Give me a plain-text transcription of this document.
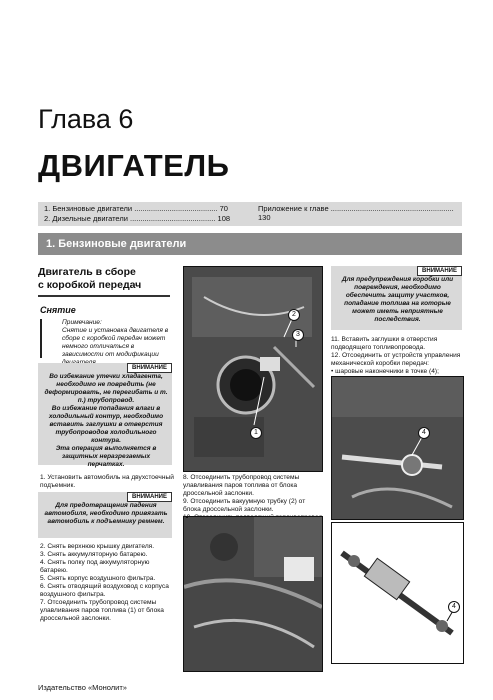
Глава 6
ДВИГАТЕЛЬ
1. Бензиновые двигатели ........................................ 70
2. Дизельные двигатели ......................................... 108
Приложение к главе ........................................................... 130
1. Бензиновые двигатели
Двигатель в сборе
с коробкой передач
Снятие
Примечание:
Снятие и установка двигателя в сборе с коробкой передач может немного отличаться в зависимости от модификации
ВНИМАНИЕ
Во избежание утечки хладагента, необходимо не повредить (не деформировать, не перегибать и т. п.) трубопровод.
Во избежание попадания влаги в холодильный контур, необходимо вставить заглушки в отверстия трубопроводов холодильного контура.
Эта операция выполняется в защитных неразрезаемых перчатках.
1. Установить автомобиль на двухстоечный подъемник.
ВНИМАНИЕ
Для предотвращения падения автомобиля, необходимо привязать автомобиль к подъемнику ремнем.
2. Снять верхнюю крышку двигателя.
3. Снять аккумуляторную батарею.
4. Снять полку под аккумуляторную батарею.
5. Снять корпус воздушного фильтра.
6. Снять отводящий воздуховод с корпуса воздушного фильтра.
7. Отсоединить трубопровод системы улавливания паров топлива (1) от блока дроссельной заслонки.
1
2
3
8. Отсоединить трубопровод системы улавливания паров топлива от блока дроссельной заслонки.
9. Отсоединить вакуумную трубку (2) от блока дроссельной заслонки.
ВНИМАНИЕ
Для предупреждения коробки или повреждения, необходимо обеспечить защиту участков, попадание топлива на которые может иметь неприятные последствия.
11. Вставить заглушки в отверстия подводящего топливопровода.
12. Отсоединить от устройств управления механической коробки передач:
• шаровые наконечники в точке (4);
4
4
Издательство «Монолит»
